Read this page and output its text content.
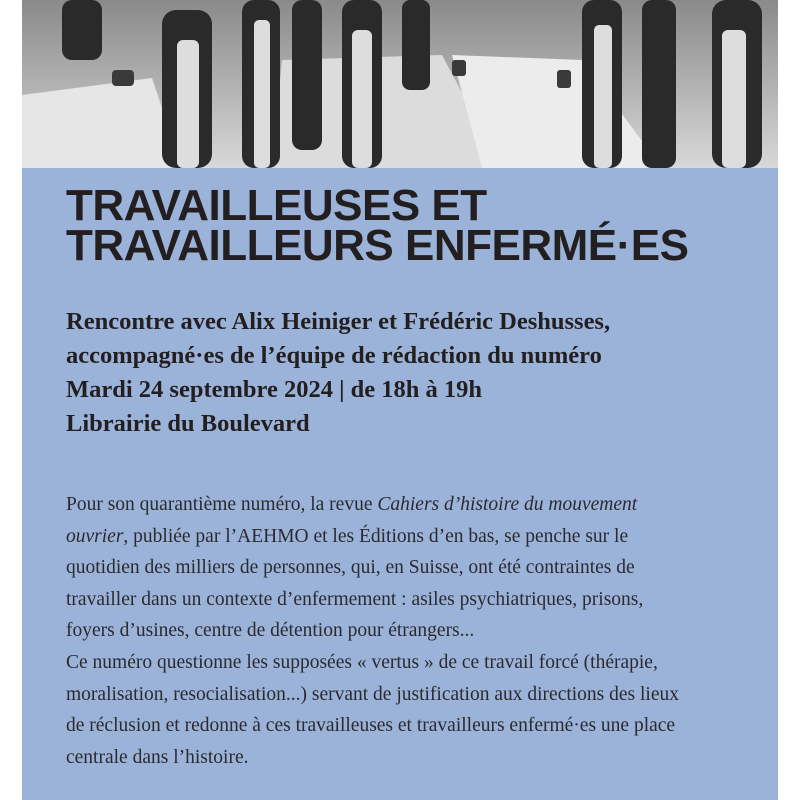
TRAVAILLEUSES ET
TRAVAILLEURS ENFERMÉ·ES
Rencontre avec Alix Heiniger et Frédéric Deshusses,
accompagné·es de l’équipe de rédaction du numéro
Mardi 24 septembre 2024 | de 18h à 19h
Librairie du Boulevard
Pour son quarantième numéro, la revue Cahiers d’histoire du mouvement
ouvrier, publiée par l’AEHMO et les Éditions d’en bas, se penche sur le
quotidien des milliers de personnes, qui, en Suisse, ont été contraintes de
travailler dans un contexte d’enfermement : asiles psychiatriques, prisons,
foyers d’usines, centre de détention pour étrangers...
Ce numéro questionne les supposées « vertus » de ce travail forcé (thérapie,
moralisation, resocialisation...) servant de justification aux directions des lieux
de réclusion et redonne à ces travailleuses et travailleurs enfermé·es une place
centrale dans l’histoire.
